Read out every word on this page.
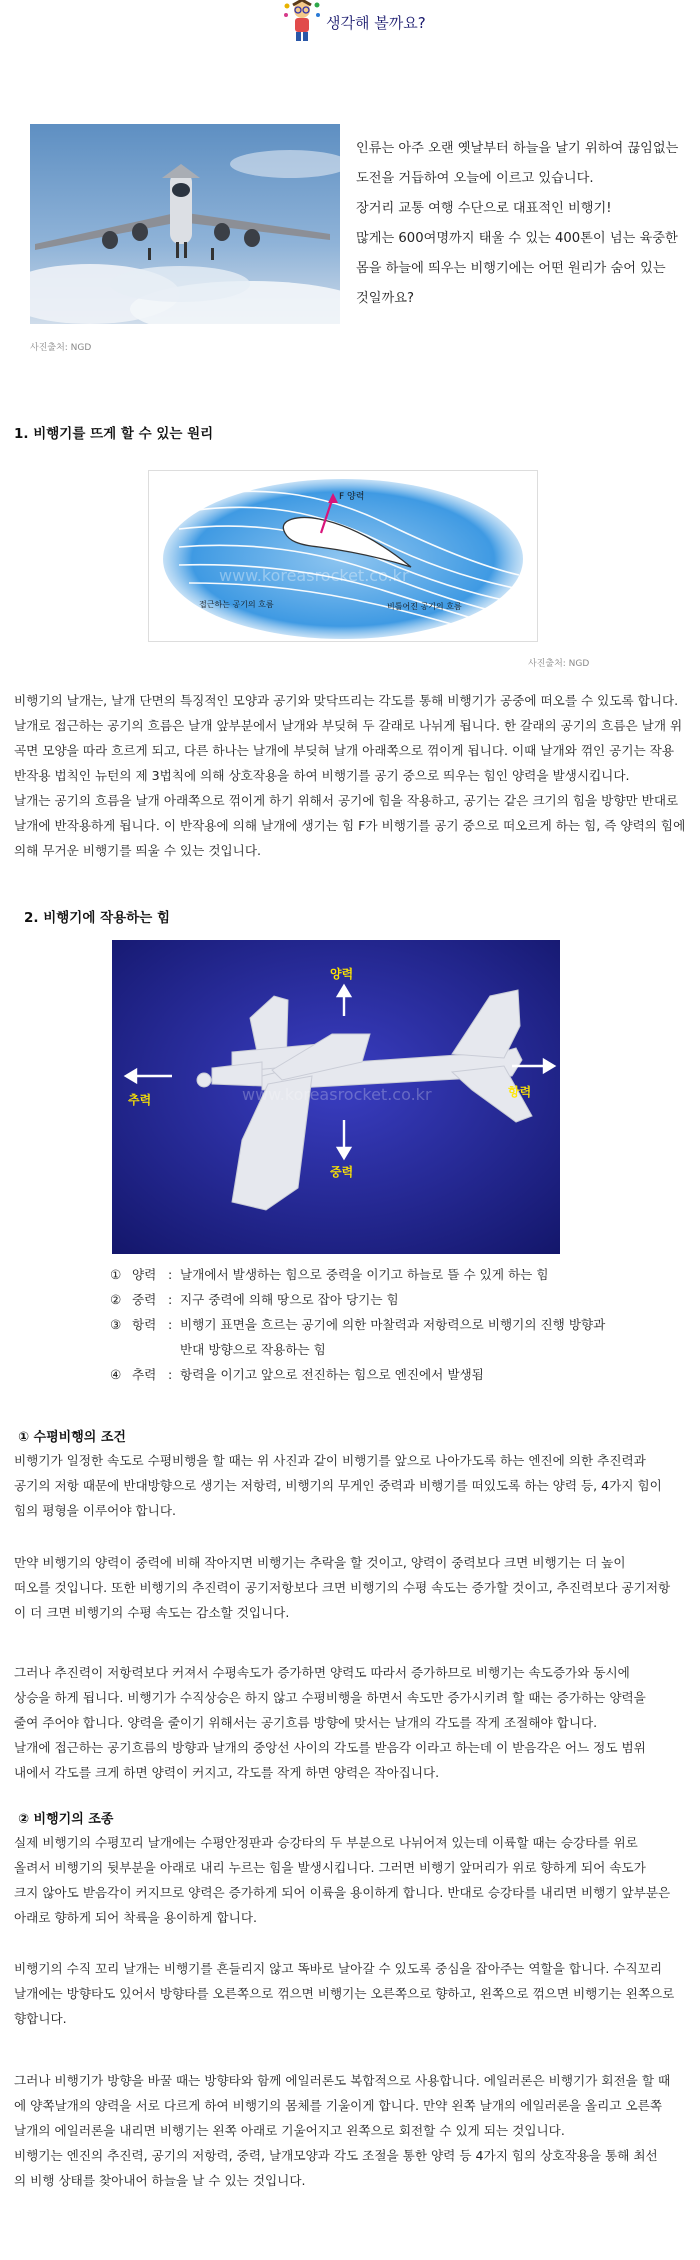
생각해 볼까요?
사진출처: NGD

인류는 아주 오랜 옛날부터 하늘을 날기 위하여 끊임없는

도전을 거듭하여 오늘에 이르고 있습니다.

장거리 교통 여행 수단으로 대표적인 비행기!

많게는 600여명까지 태울 수 있는 400톤이 넘는 육중한

몸을 하늘에 띄우는 비행기에는 어떤 원리가 숨어 있는

것일까요?

1. 비행기를 뜨게 할 수 있는 원리
F 양력
접근하는 공기의 흐름	비틀어진 공기의 흐름
www.koreasrocket.co.kr
사진출처: NGD

비행기의 날개는, 날개 단면의 특징적인 모양과 공기와 맞닥뜨리는 각도를 통해 비행기가 공중에 떠오를 수 있도록 합니다.

날개로 접근하는 공기의 흐름은 날개 앞부분에서 날개와 부딪혀 두 갈래로 나뉘게 됩니다. 한 갈래의 공기의 흐름은 날개 위

곡면 모양을 따라 흐르게 되고, 다른 하나는 날개에 부딪혀 날개 아래쪽으로 꺾이게 됩니다. 이때 날개와 꺾인 공기는 작용

반작용 법칙인 뉴턴의 제 3법칙에 의해 상호작용을 하여 비행기를 공기 중으로 띄우는 힘인 양력을 발생시킵니다.

날개는 공기의 흐름을 날개 아래쪽으로 꺾이게 하기 위해서 공기에 힘을 작용하고, 공기는 같은 크기의 힘을 방향만 반대로

날개에 반작용하게 됩니다. 이 반작용에 의해 날개에 생기는 힘 F가 비행기를 공기 중으로 떠오르게 하는 힘, 즉 양력의 힘에

의해 무거운 비행기를 띄울 수 있는 것입니다.

2. 비행기에 작용하는 힘
양력
중력
추력
항력
www.koreasrocket.co.kr
① 양력 : 날개에서 발생하는 힘으로 중력을 이기고 하늘로 뜰 수 있게 하는 힘
② 중력 : 지구 중력에 의해 땅으로 잡아 당기는 힘
③ 항력 : 비행기 표면을 흐르는 공기에 의한 마찰력과 저항력으로 비행기의 진행 방향과
반대 방향으로 작용하는 힘
④ 추력 : 항력을 이기고 앞으로 전진하는 힘으로 엔진에서 발생됨
① 수평비행의 조건

비행기가 일정한 속도로 수평비행을 할 때는 위 사진과 같이 비행기를 앞으로 나아가도록 하는 엔진에 의한 추진력과

공기의 저항 때문에 반대방향으로 생기는 저항력, 비행기의 무게인 중력과 비행기를 떠있도록 하는 양력 등, 4가지 힘이

힘의 평형을 이루어야 합니다.

만약 비행기의 양력이 중력에 비해 작아지면 비행기는 추락을 할 것이고, 양력이 중력보다 크면 비행기는 더 높이

떠오를 것입니다. 또한 비행기의 추진력이 공기저항보다 크면 비행기의 수평 속도는 증가할 것이고, 추진력보다 공기저항

이 더 크면 비행기의 수평 속도는 감소할 것입니다.

그러나 추진력이 저항력보다 커져서 수평속도가 증가하면 양력도 따라서 증가하므로 비행기는 속도증가와 동시에

상승을 하게 됩니다. 비행기가 수직상승은 하지 않고 수평비행을 하면서 속도만 증가시키려 할 때는 증가하는 양력을

줄여 주어야 합니다. 양력을 줄이기 위해서는 공기흐름 방향에 맞서는 날개의 각도를 작게 조절해야 합니다.

날개에 접근하는 공기흐름의 방향과 날개의 중앙선 사이의 각도를 받음각 이라고 하는데 이 받음각은 어느 정도 범위

내에서 각도를 크게 하면 양력이 커지고, 각도를 작게 하면 양력은 작아집니다.

② 비행기의 조종

실제 비행기의 수평꼬리 날개에는 수평안정판과 승강타의 두 부분으로 나뉘어져 있는데 이륙할 때는 승강타를 위로

올려서 비행기의 뒷부분을 아래로 내리 누르는 힘을 발생시킵니다. 그러면 비행기 앞머리가 위로 향하게 되어 속도가

크지 않아도 받음각이 커지므로 양력은 증가하게 되어 이륙을 용이하게 합니다. 반대로 승강타를 내리면 비행기 앞부분은

아래로 향하게 되어 착륙을 용이하게 합니다.

비행기의 수직 꼬리 날개는 비행기를 흔들리지 않고 똑바로 날아갈 수 있도록 중심을 잡아주는 역할을 합니다. 수직꼬리

날개에는 방향타도 있어서 방향타를 오른쪽으로 꺾으면 비행기는 오른쪽으로 향하고, 왼쪽으로 꺾으면 비행기는 왼쪽으로

향합니다.

그러나 비행기가 방향을 바꿀 때는 방향타와 함께 에일러론도 복합적으로 사용합니다. 에일러론은 비행기가 회전을 할 때

에 양쪽날개의 양력을 서로 다르게 하여 비행기의 몸체를 기울이게 합니다. 만약 왼쪽 날개의 에일러론을 올리고 오른쪽

날개의 에일러론을 내리면 비행기는 왼쪽 아래로 기울어지고 왼쪽으로 회전할 수 있게 되는 것입니다.

비행기는 엔진의 추진력, 공기의 저항력, 중력, 날개모양과 각도 조절을 통한 양력 등 4가지 힘의 상호작용을 통해 최선

의 비행 상태를 찾아내어 하늘을 날 수 있는 것입니다.
